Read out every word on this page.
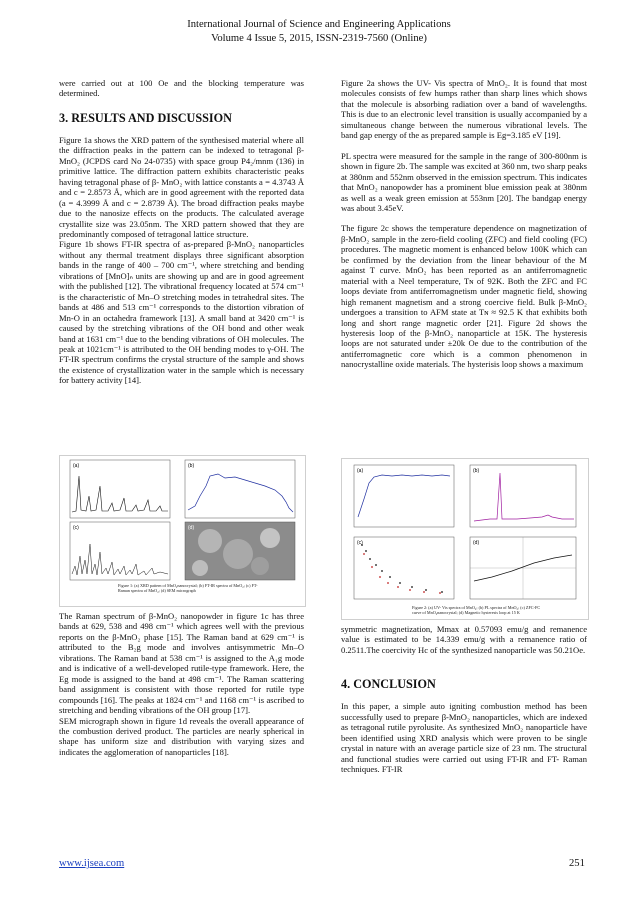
International Journal of Science and Engineering Applications
Volume 4 Issue 5, 2015, ISSN-2319-7560 (Online)

were carried out at 100 Oe and the blocking temperature was determined.

3. RESULTS AND DISCUSSION

Figure 1a shows the XRD pattern of the synthesised material where all the diffraction peaks in the pattern can be indexed to tetragonal β- MnO₂ (JCPDS card No 24-0735) with space group P4₂/mnm (136) in primitive lattice. The diffraction pattern exhibits characteristic peaks having tetragonal phase of β- MnO₂ with lattice constants a = 4.3743 Å and c = 2.8573 Å, which are in good agreement with the reported data (a = 4.3999 Å and c = 2.8739 Å). The broad diffraction peaks maybe due to the nanosize effects on the products. The calculated average crystallite size was 23.05nm. The XRD pattern showed that they are predominantly composed of tetragonal lattice structure.

Figure 1b shows FT-IR spectra of as-prepared β-MnO₂ nanoparticles without any thermal treatment displays three significant absorption bands in the range of 400 – 700 cm⁻¹, where stretching and bending vibrations of [MnO]ₙ units are showing up and are in good agreement with the published [12]. The vibrational frequency located at 574 cm⁻¹ is the characteristic of Mn–O stretching modes in tetrahedral sites. The bands at 486 and 513 cm⁻¹ corresponds to the distortion vibration of Mn-O in an octahedra framework [13]. A small band at 3420 cm⁻¹ is caused by the stretching vibrations of the OH bond and other weak band at 1631 cm⁻¹ due to the bending vibrations of OH molecules. The peak at 1021cm⁻¹ is attributed to the OH bending modes to γ-OH. The FT-IR spectrum confirms the crystal structure of the sample and shows the existence of crystallization water in the sample which is necessary for battery activity [14].

(a)	(b)
(c)	(d)
Figure 1: (a) XRD pattern of MnO₂nanocrystal; (b) FT-IR spectra of MnO₂; (c) FT-Raman spectra of MnO₂; (d) SEM micrograph

The Raman spectrum of β-MnO₂ nanopowder in figure 1c has three bands at 629, 538 and 498 cm⁻¹ which agrees well with the previous reports on the β-MnO₂ phase [15]. The Raman band at 629 cm⁻¹ is attributed to the B₂g mode and involves antisymmetric Mn–O vibrations. The Raman band at 538 cm⁻¹ is assigned to the A₁g mode and is indicative of a well-developed rutile-type framework. Here, the Eg mode is assigned to the band at 498 cm⁻¹. The Raman scattering band assignment is consistent with those reported for rutile type compounds [16]. The peaks at 1824 cm⁻¹ and 1168 cm⁻¹ is ascribed to stretching and bending vibrations of the OH group [17].

SEM micrograph shown in figure 1d reveals the overall appearance of the combustion derived product. The particles are nearly spherical in shape has uniform size and distribution with varying sizes and indicates the agglomeration of nanoparticles [18].

Figure 2a shows the UV- Vis spectra of MnO₂. It is found that most molecules consists of few humps rather than sharp lines which shows that the molecule is absorbing radiation over a band of wavelengths. This is due to an electronic level transition is usually accompanied by a simultaneous change between the numerous vibrational levels. The band gap energy of the as prepared sample is Eg=3.185 eV [19].

PL spectra were measured for the sample in the range of 300-800nm is shown in figure 2b. The sample was excited at 360 nm, two sharp peaks at 380nm and 552nm observed in the emission spectrum. This indicates that MnO₂ nanopowder has a prominent blue emission peak at 380nm as well as a weak green emission at 553nm [20]. The bandgap energy was about 3.45eV.

The figure 2c shows the temperature dependence on magnetization of β-MnO₂ sample in the zero-field cooling (ZFC) and field cooling (FC) procedures. The magnetic moment is enhanced below 100K which can be confirmed by the deviation from the linear behaviour of the M against T curve. MnO₂ has been reported as an antiferromagnetic material with a Neel temperature, Tɴ of 92K. Both the ZFC and FC loops deviate from antiferromagnetism under magnetic field, showing high remanent magnetism and a strong coercive field. Bulk β-MnO₂ undergoes a transition to AFM state at Tɴ ≈ 92.5 K that exhibits both long and short range magnetic order [21]. Figure 2d shows the hysteresis loop of the β-MnO₂ nanoparticle at 15K. The hysteresis loops are not saturated under ±20k Oe due to the contribution of the antiferromagnetic core which is a common phenomenon in nanocrystalline oxide materials. The hysterisis loop shows a maximum

(a)	(b)
(c)	(d)
Figure 2: (a) UV- Vis spectra of MnO₂; (b) PL spectra of MnO₂; (c) ZFC-FC curve of MnO₂nanocrystal; (d) Magnetic hysteresis loop at 15 K

symmetric magnetization, Mmax at 0.57093 emu/g and remanence value is estimated to be 14.339 emu/g with a remanence ratio of 0.2511.The coercivity Hc of the synthesized nanoparticle was 50.21Oe.

4. CONCLUSION

In this paper, a simple auto igniting combustion method has been successfully used to prepare β-MnO₂ nanoparticles, which are indexed as tetragonal rutile pyrolusite. As synthesized MnO₂ nanoparticle have been identified using XRD analysis which were proven to be single crystal in nature with an average particle size of 23 nm. The structural and functional studies were carried out using FT-IR and FT- Raman techniques. FT-IR

www.ijsea.com	251
